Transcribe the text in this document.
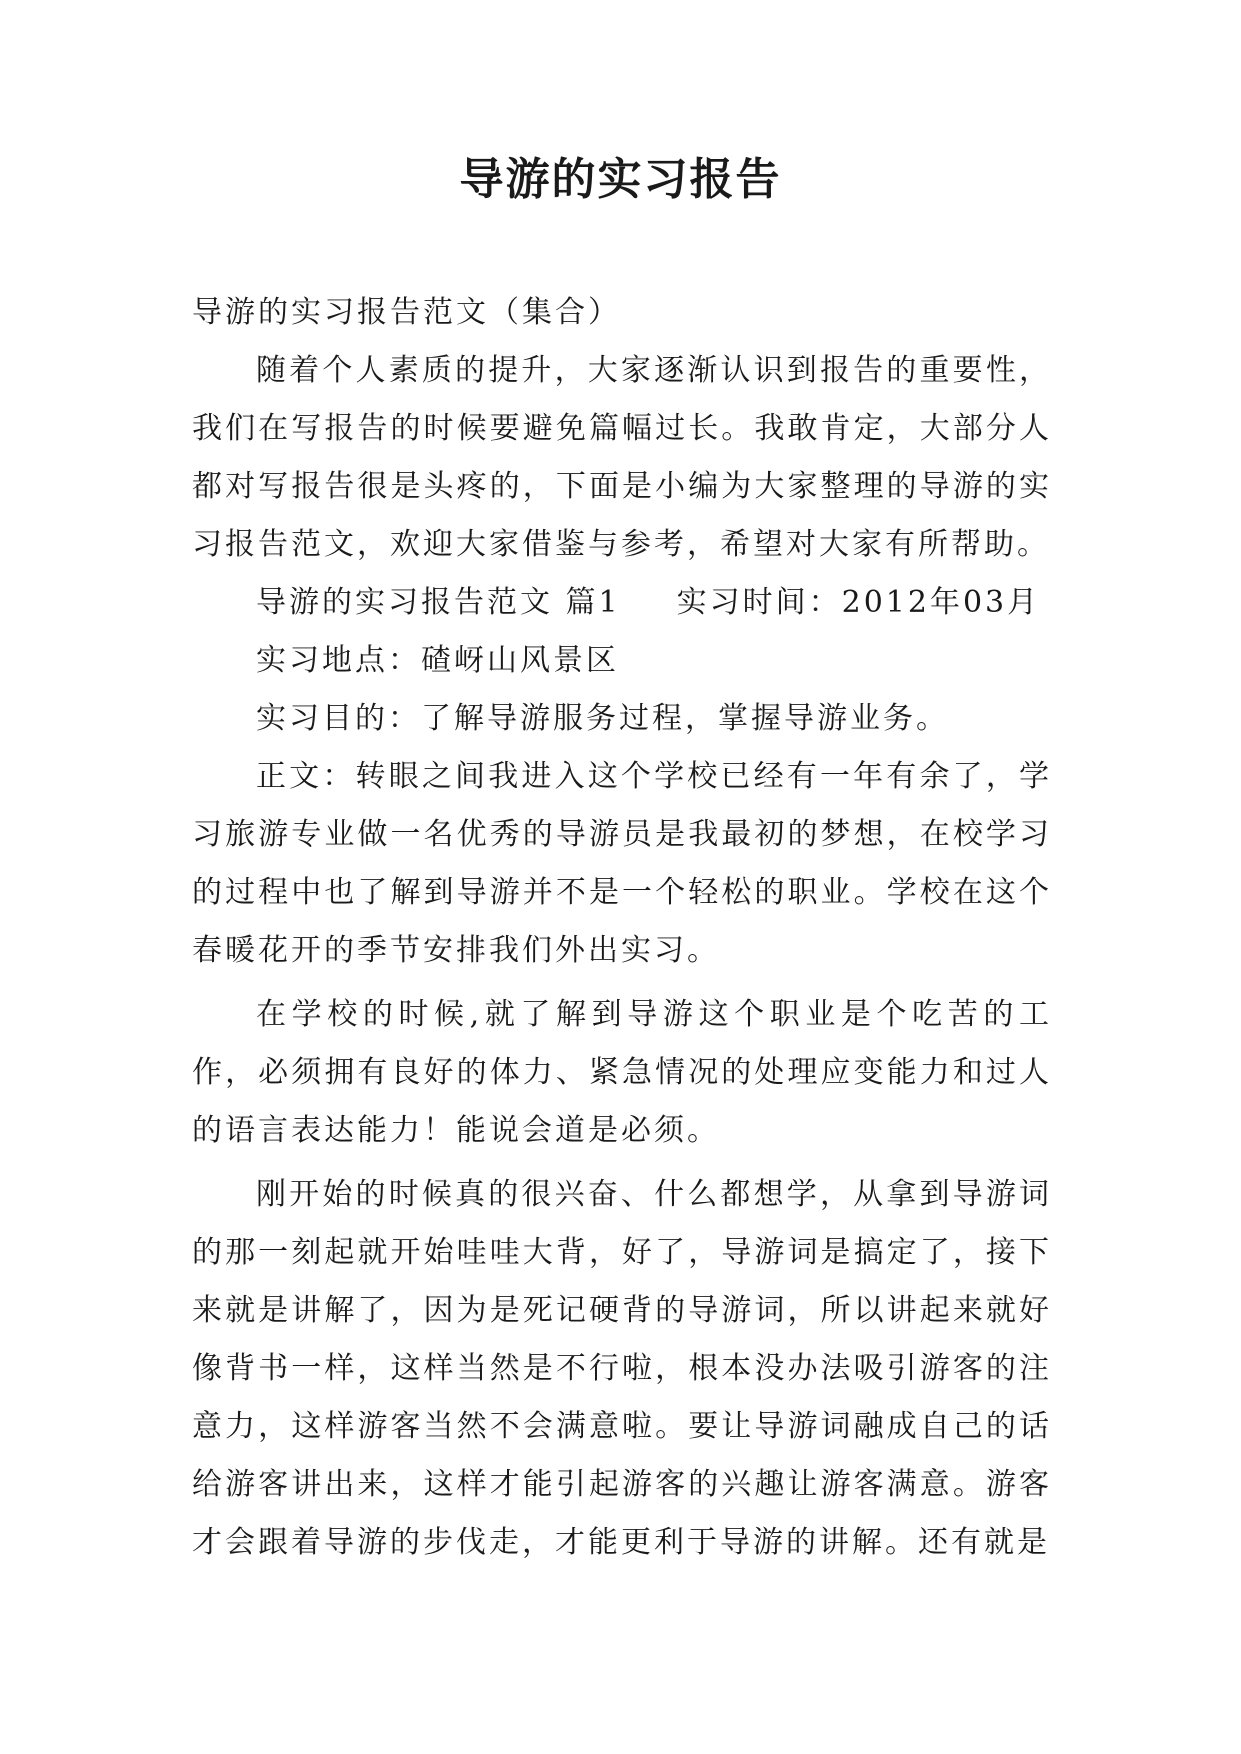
导游的实习报告

导游的实习报告范文（集合）

随着个人素质的提升，大家逐渐认识到报告的重要性，我们在写报告的时候要避免篇幅过长。我敢肯定，大部分人都对写报告很是头疼的，下面是小编为大家整理的导游的实习报告范文，欢迎大家借鉴与参考，希望对大家有所帮助。

导游的实习报告范文 篇1 实习时间：2012年03月

实习地点：碴岈山风景区

实习目的：了解导游服务过程，掌握导游业务。

正文：转眼之间我进入这个学校已经有一年有余了，学习旅游专业做一名优秀的导游员是我最初的梦想，在校学习的过程中也了解到导游并不是一个轻松的职业。学校在这个春暖花开的季节安排我们外出实习。

在学校的时候,就了解到导游这个职业是个吃苦的工作，必须拥有良好的体力、紧急情况的处理应变能力和过人的语言表达能力！能说会道是必须。

刚开始的时候真的很兴奋、什么都想学，从拿到导游词的那一刻起就开始哇哇大背，好了，导游词是搞定了，接下来就是讲解了，因为是死记硬背的导游词，所以讲起来就好像背书一样，这样当然是不行啦，根本没办法吸引游客的注意力，这样游客当然不会满意啦。要让导游词融成自己的话给游客讲出来，这样才能引起游客的兴趣让游客满意。游客才会跟着导游的步伐走，才能更利于导游的讲解。还有就是
